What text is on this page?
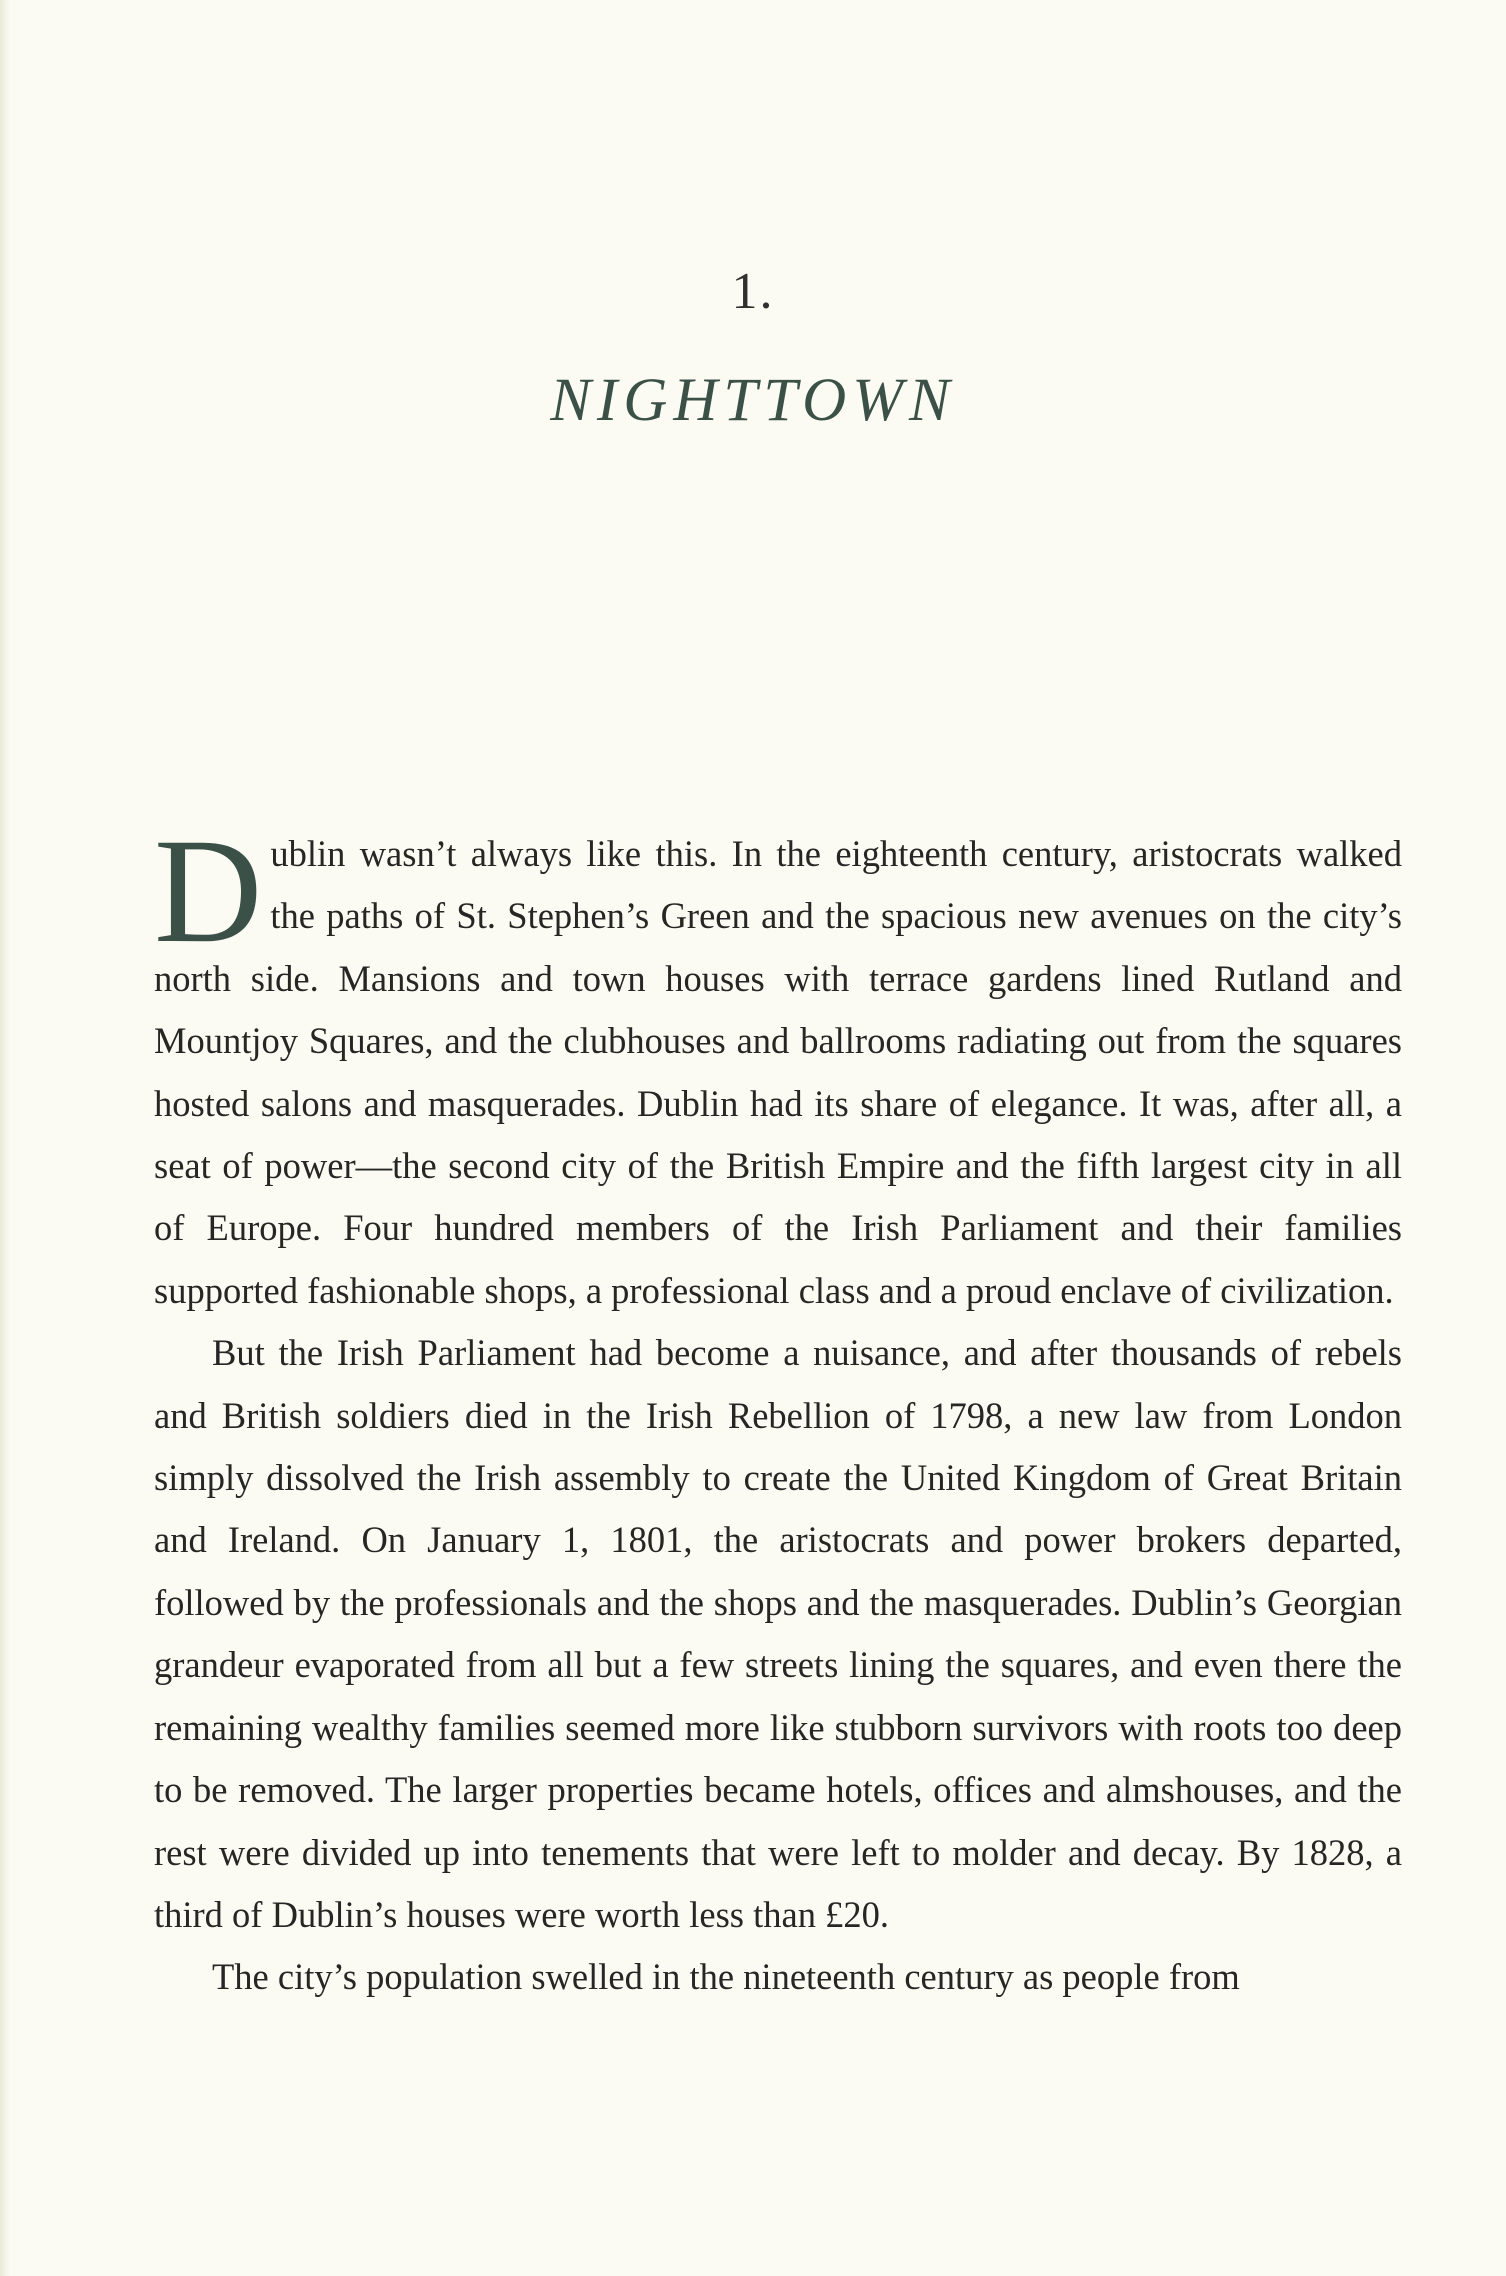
1.
NIGHTTOWN

Dublin wasn’t always like this. In the eighteenth century, aristocrats walked the paths of St. Stephen’s Green and the spacious new avenues on the city’s north side. Mansions and town houses with terrace gardens lined Rutland and Mountjoy Squares, and the clubhouses and ballrooms radiating out from the squares hosted salons and masquerades. Dublin had its share of elegance. It was, after all, a seat of power—the second city of the British Empire and the fifth largest city in all of Europe. Four hundred members of the Irish Parliament and their families supported fashionable shops, a professional class and a proud enclave of civilization.

But the Irish Parliament had become a nuisance, and after thousands of rebels and British soldiers died in the Irish Rebellion of 1798, a new law from London simply dissolved the Irish assembly to create the United Kingdom of Great Britain and Ireland. On January 1, 1801, the aristocrats and power brokers departed, followed by the professionals and the shops and the masquerades. Dublin’s Georgian grandeur evaporated from all but a few streets lining the squares, and even there the remaining wealthy families seemed more like stubborn survivors with roots too deep to be removed. The larger properties became hotels, offices and almshouses, and the rest were divided up into tenements that were left to molder and decay. By 1828, a third of Dublin’s houses were worth less than £20.

The city’s population swelled in the nineteenth century as people from
